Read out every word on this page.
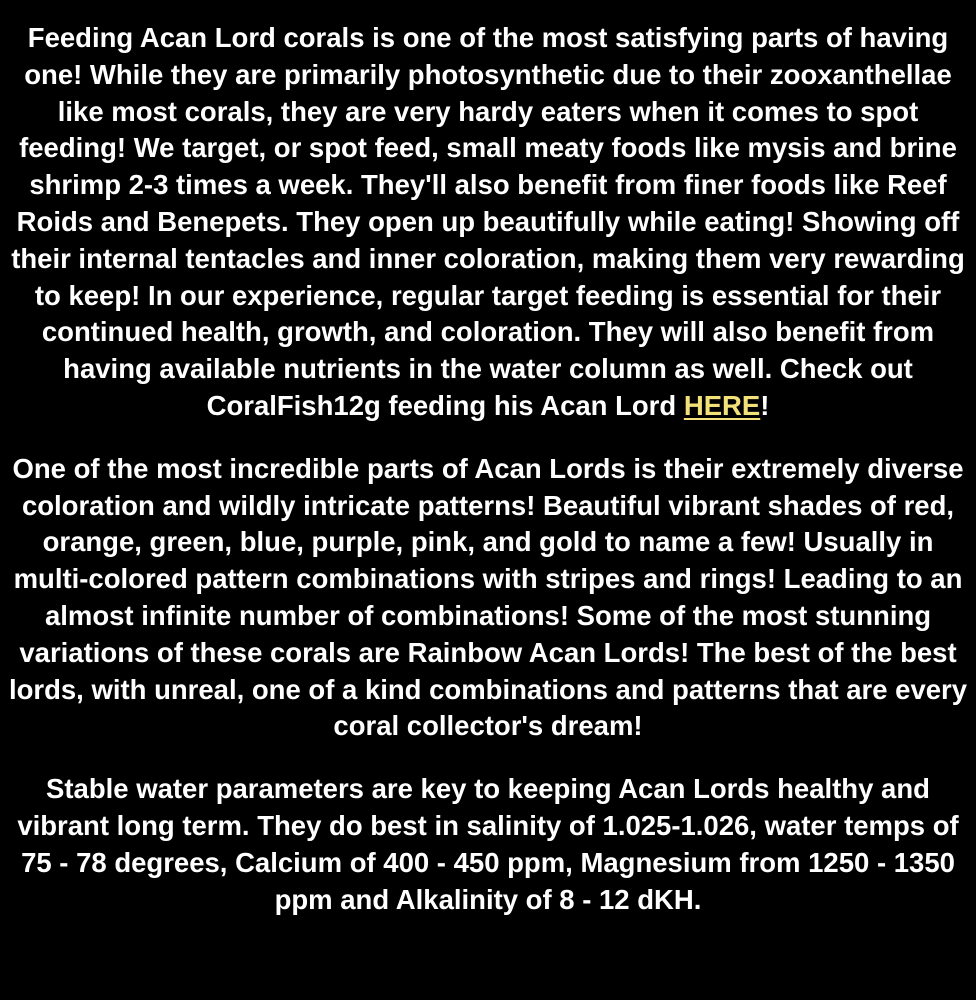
Feeding Acan Lord corals is one of the most satisfying parts of having one! While they are primarily photosynthetic due to their zooxanthellae like most corals, they are very hardy eaters when it comes to spot feeding! We target, or spot feed, small meaty foods like mysis and brine shrimp 2-3 times a week. They'll also benefit from finer foods like Reef Roids and Benepets. They open up beautifully while eating! Showing off their internal tentacles and inner coloration, making them very rewarding to keep! In our experience, regular target feeding is essential for their continued health, growth, and coloration. They will also benefit from having available nutrients in the water column as well. Check out CoralFish12g feeding his Acan Lord HERE!

One of the most incredible parts of Acan Lords is their extremely diverse coloration and wildly intricate patterns! Beautiful vibrant shades of red, orange, green, blue, purple, pink, and gold to name a few! Usually in multi-colored pattern combinations with stripes and rings! Leading to an almost infinite number of combinations! Some of the most stunning variations of these corals are Rainbow Acan Lords! The best of the best lords, with unreal, one of a kind combinations and patterns that are every coral collector's dream!

Stable water parameters are key to keeping Acan Lords healthy and vibrant long term. They do best in salinity of 1.025-1.026, water temps of 75 - 78 degrees, Calcium of 400 - 450 ppm, Magnesium from 1250 - 1350 ppm and Alkalinity of 8 - 12 dKH.
